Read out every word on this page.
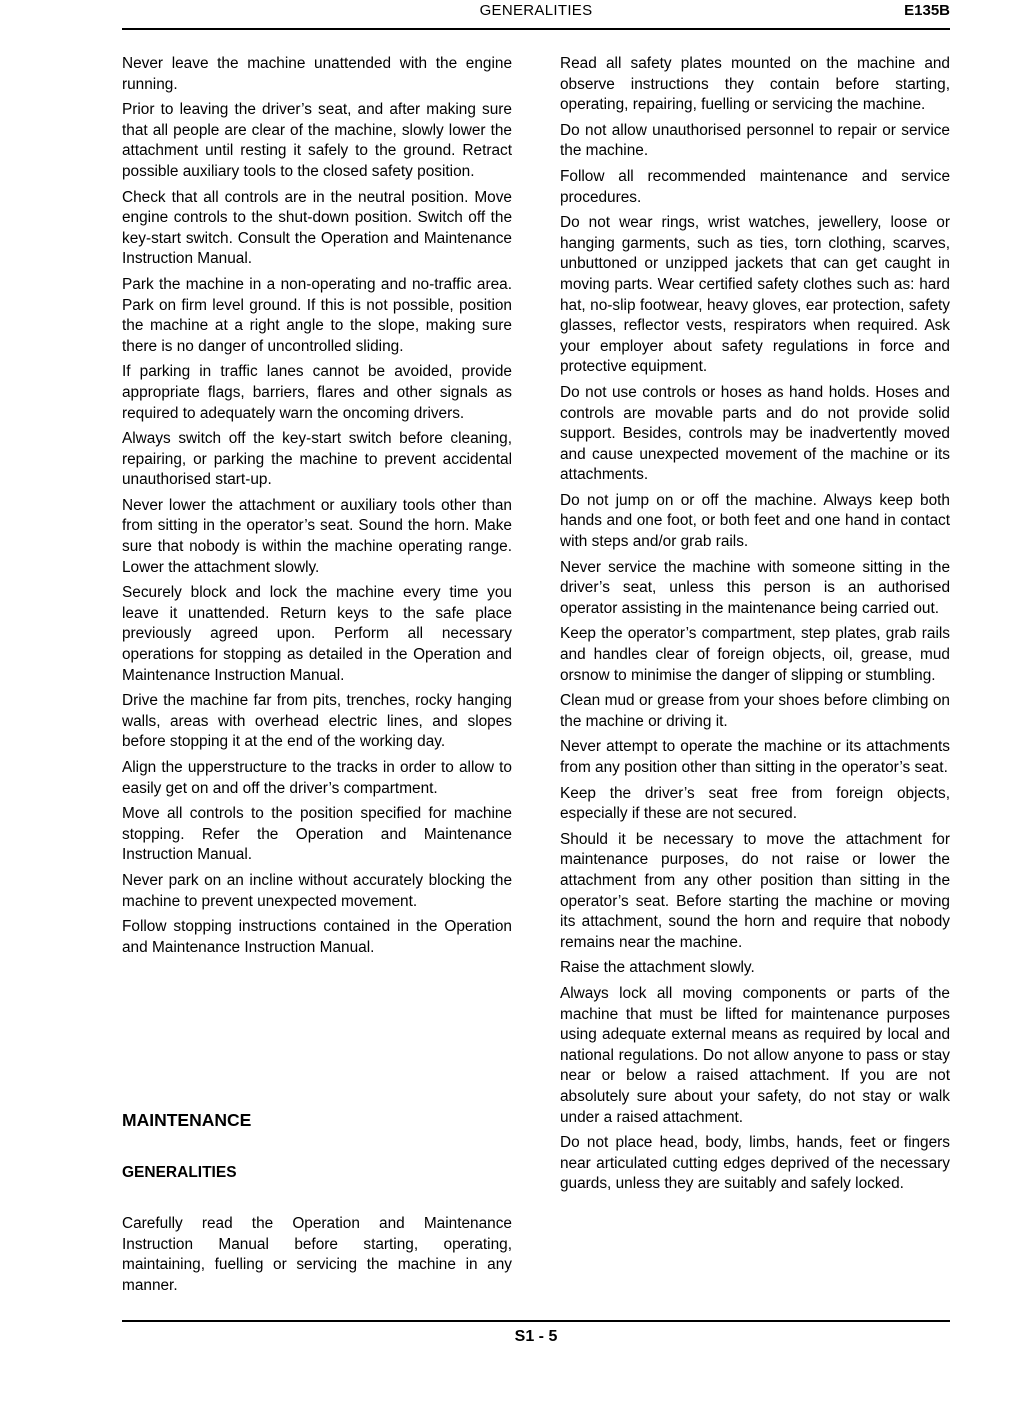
GENERALITIES	E135B

Never leave the machine unattended with the engine running.

Prior to leaving the driver’s seat, and after making sure that all people are clear of the machine, slowly lower the attachment until resting it safely to the ground. Retract possible auxiliary tools to the closed safety position.

Check that all controls are in the neutral position. Move engine controls to the shut-down position. Switch off the key-start switch. Consult the Operation and Maintenance Instruction Manual.

Park the machine in a non-operating and no-traffic area. Park on firm level ground. If this is not possible, position the machine at a right angle to the slope, making sure there is no danger of uncontrolled sliding.

If parking in traffic lanes cannot be avoided, provide appropriate flags, barriers, flares and other signals as required to adequately warn the oncoming drivers.

Always switch off the key-start switch before cleaning, repairing, or parking the machine to prevent accidental unauthorised start-up.

Never lower the attachment or auxiliary tools other than from sitting in the operator’s seat. Sound the horn. Make sure that nobody is within the machine operating range. Lower the attachment slowly.

Securely block and lock the machine every time you leave it unattended. Return keys to the safe place previously agreed upon. Perform all necessary operations for stopping as detailed in the Operation and Maintenance Instruction Manual.

Drive the machine far from pits, trenches, rocky hanging walls, areas with overhead electric lines, and slopes before stopping it at the end of the working day.

Align the upperstructure to the tracks in order to allow to easily get on and off the driver’s compartment.

Move all controls to the position specified for machine stopping. Refer the Operation and Maintenance Instruction Manual.

Never park on an incline without accurately blocking the machine to prevent unexpected movement.

Follow stopping instructions contained in the Operation and Maintenance Instruction Manual.

MAINTENANCE
GENERALITIES

Carefully read the Operation and Maintenance Instruction Manual before starting, operating, maintaining, fuelling or servicing the machine in any manner.

Read all safety plates mounted on the machine and observe instructions they contain before starting, operating, repairing, fuelling or servicing the machine.

Do not allow unauthorised personnel to repair or service the machine.

Follow all recommended maintenance and service procedures.

Do not wear rings, wrist watches, jewellery, loose or hanging garments, such as ties, torn clothing, scarves, unbuttoned or unzipped jackets that can get caught in moving parts. Wear certified safety clothes such as: hard hat, no-slip footwear, heavy gloves, ear protection, safety glasses, reflector vests, respirators when required. Ask your employer about safety regulations in force and protective equipment.

Do not use controls or hoses as hand holds. Hoses and controls are movable parts and do not provide solid support. Besides, controls may be inadvertently moved and cause unexpected movement of the machine or its attachments.

Do not jump on or off the machine. Always keep both hands and one foot, or both feet and one hand in contact with steps and/or grab rails.

Never service the machine with someone sitting in the driver’s seat, unless this person is an authorised operator assisting in the maintenance being carried out.

Keep the operator’s compartment, step plates, grab rails and handles clear of foreign objects, oil, grease, mud orsnow to minimise the danger of slipping or stumbling.

Clean mud or grease from your shoes before climbing on the machine or driving it.

Never attempt to operate the machine or its attachments from any position other than sitting in the operator’s seat.

Keep the driver’s seat free from foreign objects, especially if these are not secured.

Should it be necessary to move the attachment for maintenance purposes, do not raise or lower the attachment from any other position than sitting in the operator’s seat. Before starting the machine or moving its attachment, sound the horn and require that nobody remains near the machine.

Raise the attachment slowly.

Always lock all moving components or parts of the machine that must be lifted for maintenance purposes using adequate external means as required by local and national regulations. Do not allow anyone to pass or stay near or below a raised attachment. If you are not absolutely sure about your safety, do not stay or walk under a raised attachment.

Do not place head, body, limbs, hands, feet or fingers near articulated cutting edges deprived of the necessary guards, unless they are suitably and safely locked.

S1 - 5
